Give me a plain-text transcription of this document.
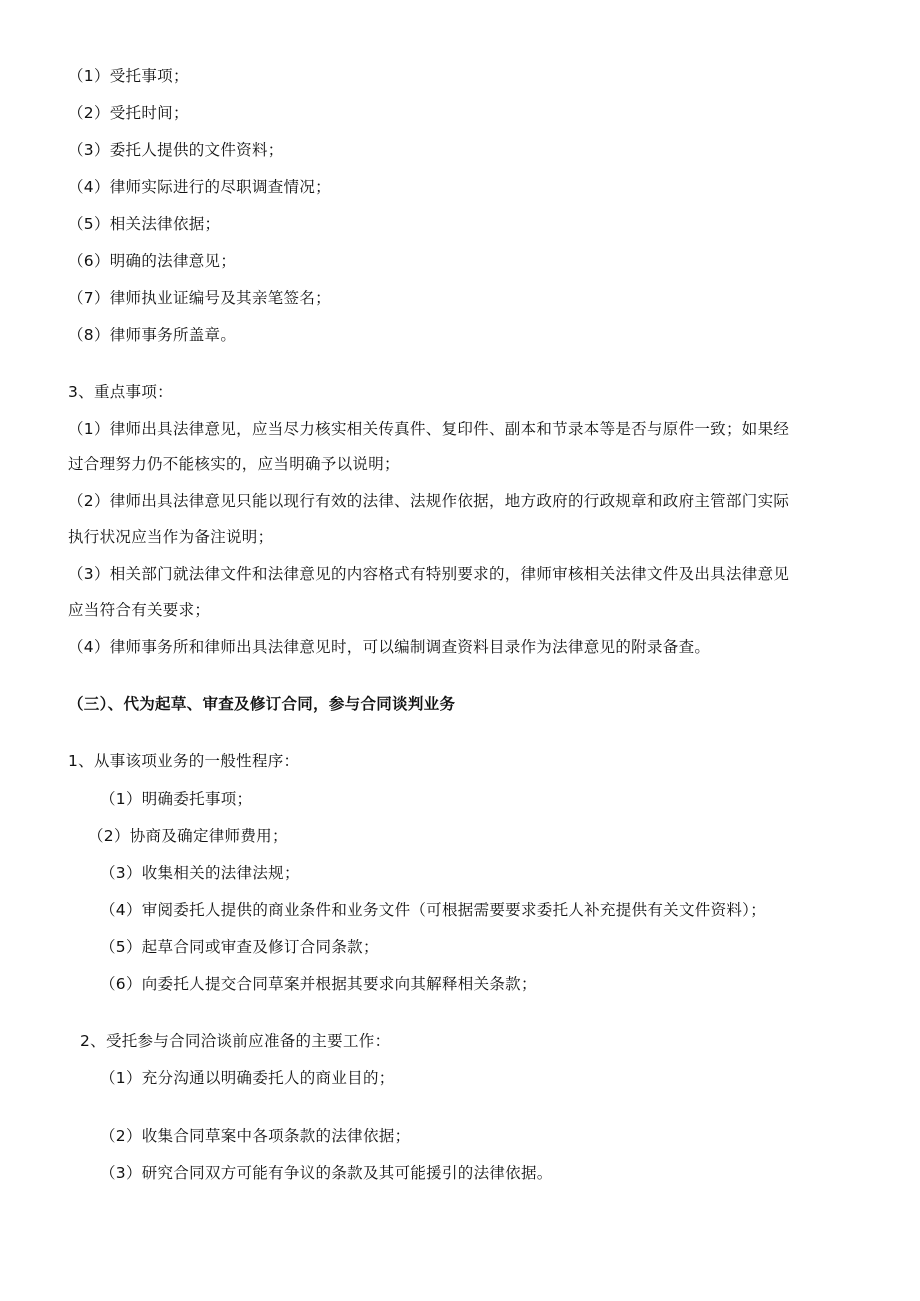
（1）受托事项；
（2）受托时间；
（3）委托人提供的文件资料；
（4）律师实际进行的尽职调查情况；
（5）相关法律依据；
（6）明确的法律意见；
（7）律师执业证编号及其亲笔签名；
（8）律师事务所盖章。
3、重点事项：
（1）律师出具法律意见，应当尽力核实相关传真件、复印件、副本和节录本等是否与原件一致；如果经
过合理努力仍不能核实的，应当明确予以说明；
（2）律师出具法律意见只能以现行有效的法律、法规作依据，地方政府的行政规章和政府主管部门实际
执行状况应当作为备注说明；
（3）相关部门就法律文件和法律意见的内容格式有特别要求的，律师审核相关法律文件及出具法律意见
应当符合有关要求；
（4）律师事务所和律师出具法律意见时，可以编制调查资料目录作为法律意见的附录备查。
（三）、代为起草、审查及修订合同，参与合同谈判业务
1、从事该项业务的一般性程序：
（1）明确委托事项；
（2）协商及确定律师费用；
（3）收集相关的法律法规；
（4）审阅委托人提供的商业条件和业务文件（可根据需要要求委托人补充提供有关文件资料）；
（5）起草合同或审查及修订合同条款；
（6）向委托人提交合同草案并根据其要求向其解释相关条款；
2、受托参与合同洽谈前应准备的主要工作：
（1）充分沟通以明确委托人的商业目的；
（2）收集合同草案中各项条款的法律依据；
（3）研究合同双方可能有争议的条款及其可能援引的法律依据。
